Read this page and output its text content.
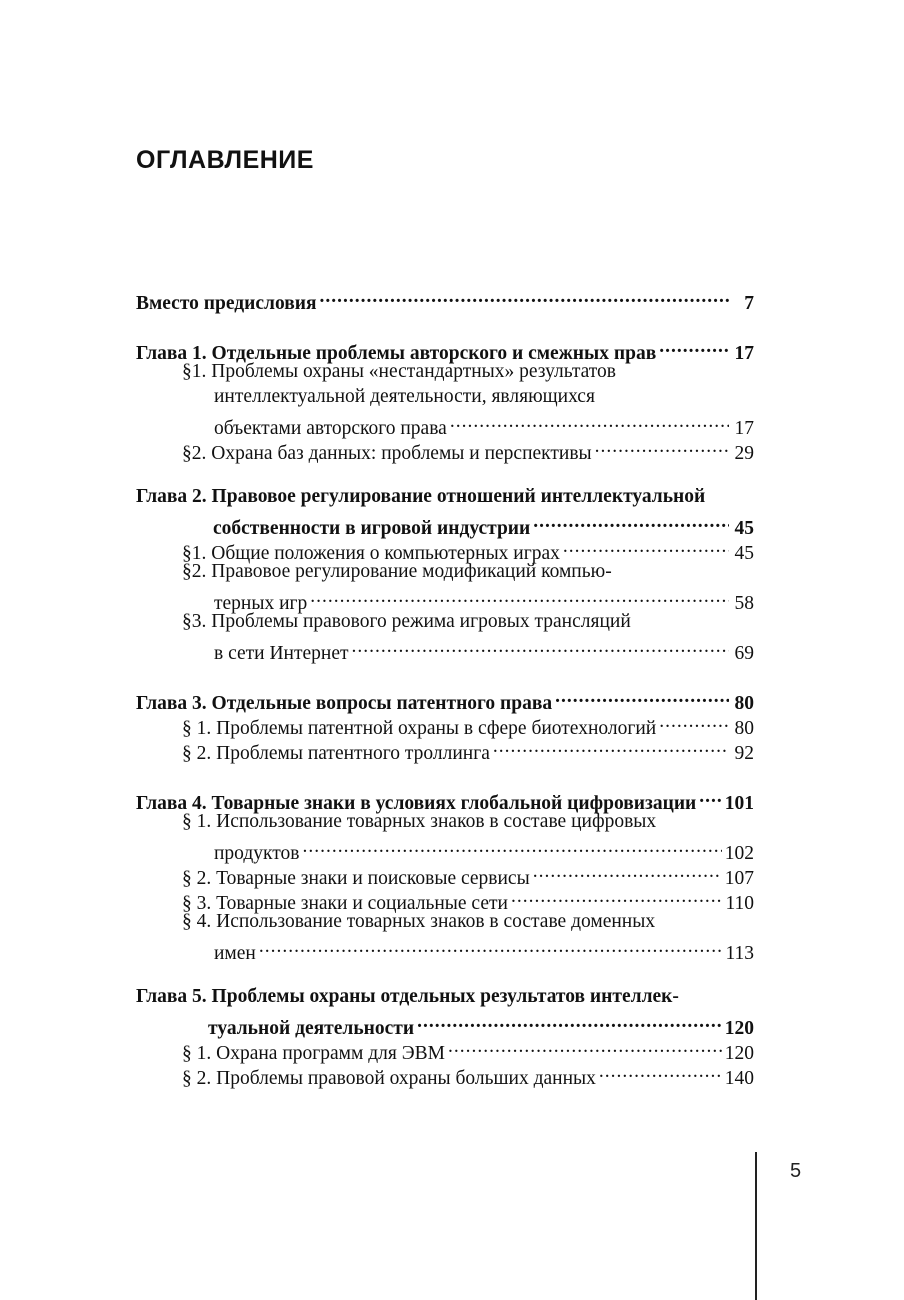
ОГЛАВЛЕНИЕ
Вместо предисловия .....	7
Глава 1. Отдельные проблемы авторского и смежных прав .....	17
§1. Проблемы охраны «нестандартных» результатов
интеллектуальной деятельности, являющихся
объектами авторского права .....	17
§2. Охрана баз данных: проблемы и перспективы .....	29
Глава 2. Правовое регулирование отношений интеллектуальной
собственности в игровой индустрии .....	45
§1. Общие положения о компьютерных играх .....	45
§2. Правовое регулирование модификаций компью-
терных игр .....	58
§3. Проблемы правового режима игровых трансляций
в сети Интернет .....	69
Глава 3. Отдельные вопросы патентного права .....	80
§ 1. Проблемы патентной охраны в сфере биотехнологий .....	80
§ 2. Проблемы патентного троллинга .....	92
Глава 4. Товарные знаки в условиях глобальной цифровизации ..... 101
§ 1. Использование товарных знаков в составе цифровых
продуктов .....	102
§ 2. Товарные знаки и поисковые сервисы .....	107
§ 3. Товарные знаки и социальные сети .....	110
§ 4. Использование товарных знаков в составе доменных
имен .....	113
Глава 5. Проблемы охраны отдельных результатов интеллек-
туальной деятельности .....	120
§ 1. Охрана программ для ЭВМ .....	120
§ 2. Проблемы правовой охраны больших данных .....	140
5
